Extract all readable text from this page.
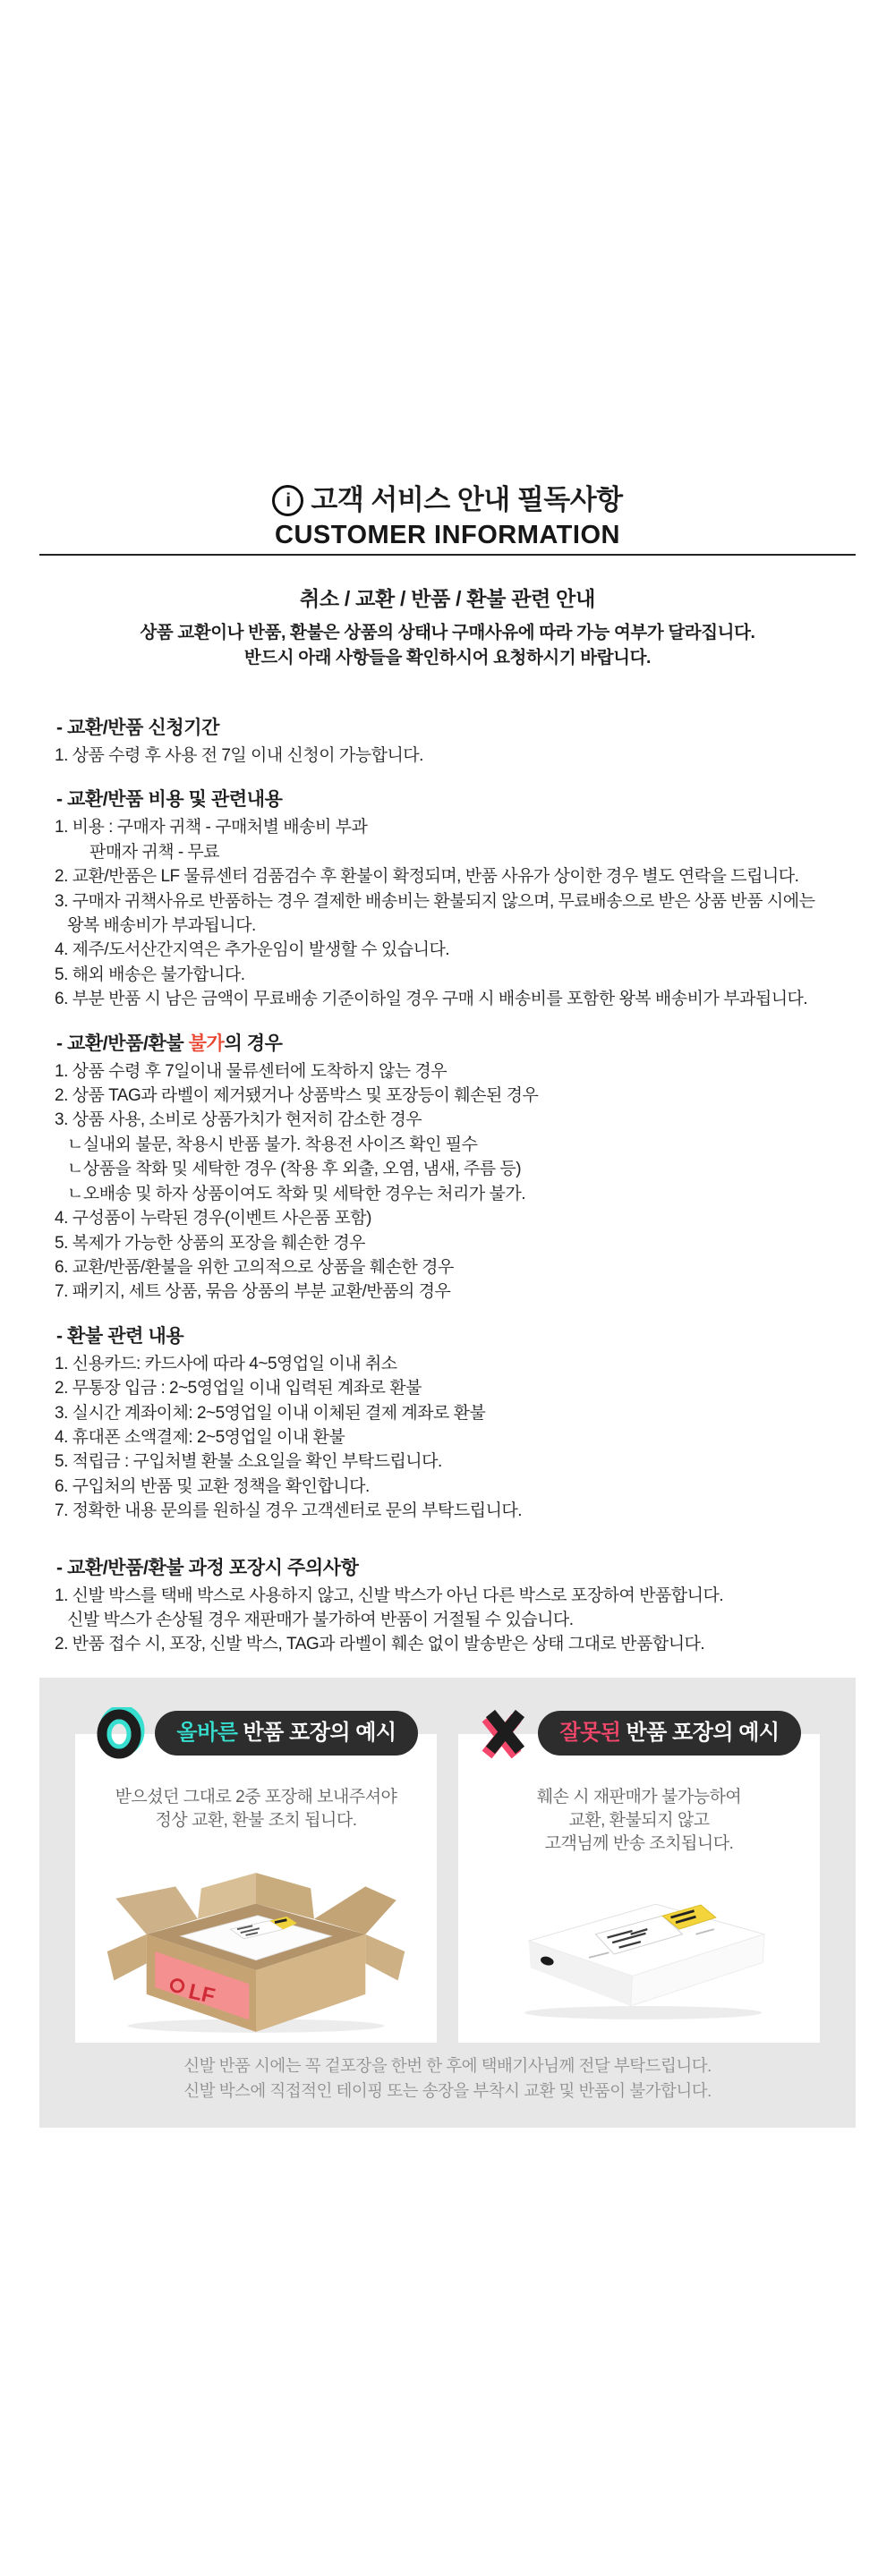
i 고객 서비스 안내 필독사항
CUSTOMER INFORMATION
취소 / 교환 / 반품 / 환불 관련 안내
상품 교환이나 반품, 환불은 상품의 상태나 구매사유에 따라 가능 여부가 달라집니다.
반드시 아래 사항들을 확인하시어 요청하시기 바랍니다.
- 교환/반품 신청기간
1. 상품 수령 후 사용 전 7일 이내 신청이 가능합니다.
- 교환/반품 비용 및 관련내용
1. 비용 : 구매자 귀책 - 구매처별 배송비 부과
판매자 귀책 - 무료
2. 교환/반품은 LF 물류센터 검품검수 후 환불이 확정되며, 반품 사유가 상이한 경우 별도 연락을 드립니다.
3. 구매자 귀책사유로 반품하는 경우 결제한 배송비는 환불되지 않으며, 무료배송으로 받은 상품 반품 시에는
왕복 배송비가 부과됩니다.
4. 제주/도서산간지역은 추가운임이 발생할 수 있습니다.
5. 해외 배송은 불가합니다.
6. 부분 반품 시 남은 금액이 무료배송 기준이하일 경우 구매 시 배송비를 포함한 왕복 배송비가 부과됩니다.
- 교환/반품/환불 불가의 경우
1. 상품 수령 후 7일이내 물류센터에 도착하지 않는 경우
2. 상품 TAG과 라벨이 제거됐거나 상품박스 및 포장등이 훼손된 경우
3. 상품 사용, 소비로 상품가치가 현저히 감소한 경우
ㄴ실내외 불문, 착용시 반품 불가. 착용전 사이즈 확인 필수
ㄴ상품을 착화 및 세탁한 경우 (착용 후 외출, 오염, 냄새, 주름 등)
ㄴ오배송 및 하자 상품이여도 착화 및 세탁한 경우는 처리가 불가.
4. 구성품이 누락된 경우(이벤트 사은품 포함)
5. 복제가 가능한 상품의 포장을 훼손한 경우
6. 교환/반품/환불을 위한 고의적으로 상품을 훼손한 경우
7. 패키지, 세트 상품, 묶음 상품의 부분 교환/반품의 경우
- 환불 관련 내용
1. 신용카드: 카드사에 따라 4~5영업일 이내 취소
2. 무통장 입금 : 2~5영업일 이내 입력된 계좌로 환불
3. 실시간 계좌이체: 2~5영업일 이내 이체된 결제 계좌로 환불
4. 휴대폰 소액결제: 2~5영업일 이내 환불
5. 적립금 : 구입처별 환불 소요일을 확인 부탁드립니다.
6. 구입처의 반품 및 교환 정책을 확인합니다.
7. 정확한 내용 문의를 원하실 경우 고객센터로 문의 부탁드립니다.
- 교환/반품/환불 과정 포장시 주의사항
1. 신발 박스를 택배 박스로 사용하지 않고, 신발 박스가 아닌 다른 박스로 포장하여 반품합니다.
신발 박스가 손상될 경우 재판매가 불가하여 반품이 거절될 수 있습니다.
2. 반품 접수 시, 포장, 신발 박스, TAG과 라벨이 훼손 없이 발송받은 상태 그대로 반품합니다.
올바른 반품 포장의 예시
받으셨던 그대로 2중 포장해 보내주셔야
정상 교환, 환불 조치 됩니다.
LF
잘못된 반품 포장의 예시
훼손 시 재판매가 불가능하여
교환, 환불되지 않고
고객님께 반송 조치됩니다.
신발 반품 시에는 꼭 겉포장을 한번 한 후에 택배기사님께 전달 부탁드립니다.
신발 박스에 직접적인 테이핑 또는 송장을 부착시 교환 및 반품이 불가합니다.
